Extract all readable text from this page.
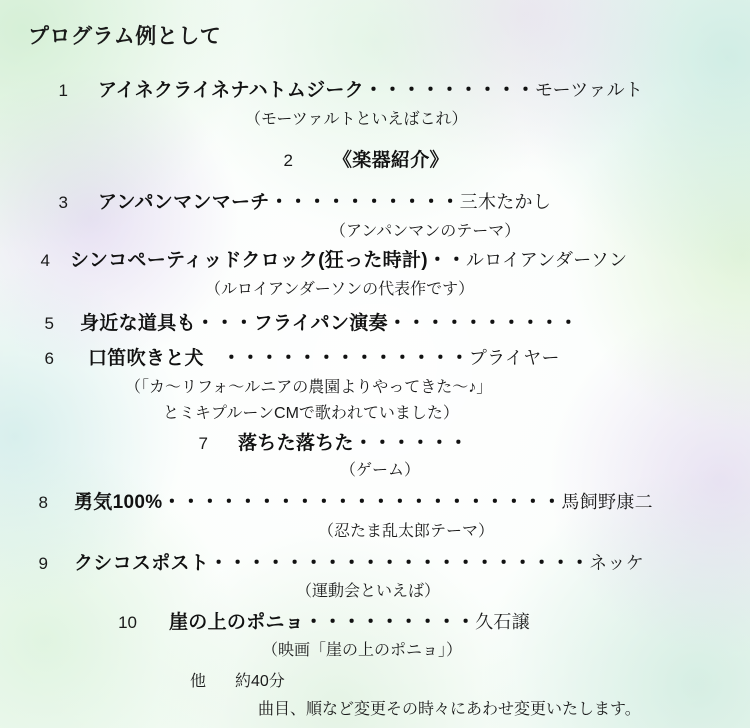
プログラム例として
1 アイネクライネナハトムジーク ・・・・・・・・・ モーツァルト
（モーツァルトといえばこれ）
2 《楽器紹介》
3 アンパンマンマーチ ・・・・・・・・・・ 三木たかし
（アンパンマンのテーマ）
4 シンコペーティッドクロック(狂った時計) ・・ ルロイアンダーソン
（ルロイアンダーソンの代表作です）
5 身近な道具も・・・フライパン演奏 ・・・・・・・・・・
6 口笛吹きと犬 ・・・・・・・・・・・・・ プライヤー
（「カ〜リフォ〜ルニアの農園よりやってきた〜♪」
とミキプルーンCMで歌われていました）
7 落ちた落ちた ・・・・・・
（ゲーム）
8 勇気100% ・・・・・・・・・・・・・・・・・・・・・ 馬飼野康二
（忍たま乱太郎テーマ）
9 クシコスポスト ・・・・・・・・・・・・・・・・・・・・ ネッケ
（運動会といえば）
10 崖の上のポニョ ・・・・・・・・・ 久石譲
（映画「崖の上のポニョ」）
他 約40分
曲目、順など変更その時々にあわせ変更いたします。
